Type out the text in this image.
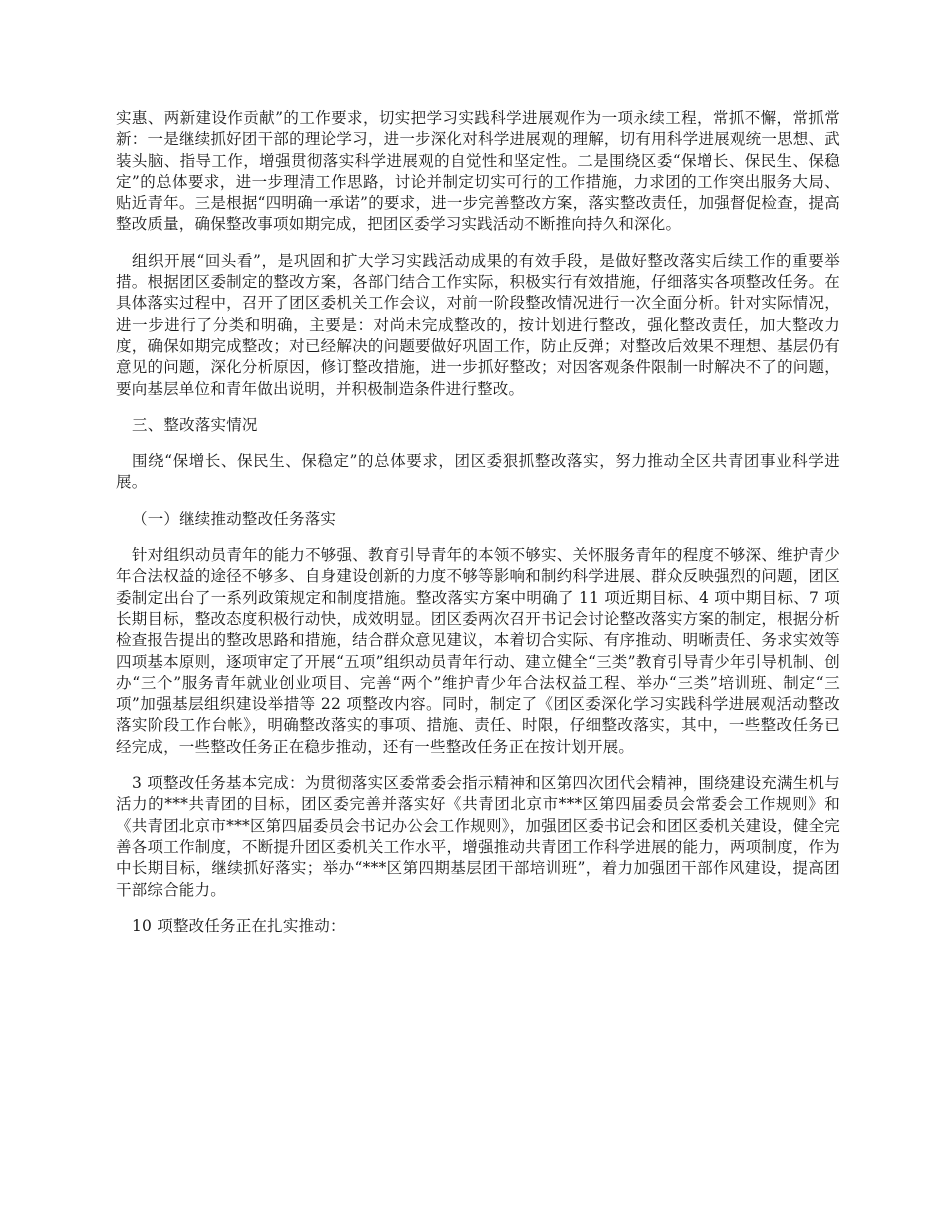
实惠、两新建设作贡献”的工作要求，切实把学习实践科学进展观作为一项永续工程，常抓不懈，常抓常新：一是继续抓好团干部的理论学习，进一步深化对科学进展观的理解，切有用科学进展观统一思想、武装头脑、指导工作，增强贯彻落实科学进展观的自觉性和坚定性。二是围绕区委“保增长、保民生、保稳定”的总体要求，进一步理清工作思路，讨论并制定切实可行的工作措施，力求团的工作突出服务大局、贴近青年。三是根据“四明确一承诺”的要求，进一步完善整改方案，落实整改责任，加强督促检查，提高整改质量，确保整改事项如期完成，把团区委学习实践活动不断推向持久和深化。

组织开展“回头看”，是巩固和扩大学习实践活动成果的有效手段，是做好整改落实后续工作的重要举措。根据团区委制定的整改方案，各部门结合工作实际，积极实行有效措施，仔细落实各项整改任务。在具体落实过程中，召开了团区委机关工作会议，对前一阶段整改情况进行一次全面分析。针对实际情况，进一步进行了分类和明确，主要是：对尚未完成整改的，按计划进行整改，强化整改责任，加大整改力度，确保如期完成整改；对已经解决的问题要做好巩固工作，防止反弹；对整改后效果不理想、基层仍有意见的问题，深化分析原因，修订整改措施，进一步抓好整改；对因客观条件限制一时解决不了的问题，要向基层单位和青年做出说明，并积极制造条件进行整改。

三、整改落实情况

围绕“保增长、保民生、保稳定”的总体要求，团区委狠抓整改落实，努力推动全区共青团事业科学进展。

（一）继续推动整改任务落实

针对组织动员青年的能力不够强、教育引导青年的本领不够实、关怀服务青年的程度不够深、维护青少年合法权益的途径不够多、自身建设创新的力度不够等影响和制约科学进展、群众反映强烈的问题，团区委制定出台了一系列政策规定和制度措施。整改落实方案中明确了 11 项近期目标、4 项中期目标、7 项长期目标，整改态度积极行动快，成效明显。团区委两次召开书记会讨论整改落实方案的制定，根据分析检查报告提出的整改思路和措施，结合群众意见建议，本着切合实际、有序推动、明晰责任、务求实效等四项基本原则，逐项审定了开展“五项”组织动员青年行动、建立健全“三类”教育引导青少年引导机制、创办“三个”服务青年就业创业项目、完善“两个”维护青少年合法权益工程、举办“三类”培训班、制定“三项”加强基层组织建设举措等 22 项整改内容。同时，制定了《团区委深化学习实践科学进展观活动整改落实阶段工作台帐》，明确整改落实的事项、措施、责任、时限，仔细整改落实，其中，一些整改任务已经完成，一些整改任务正在稳步推动，还有一些整改任务正在按计划开展。

3 项整改任务基本完成：为贯彻落实区委常委会指示精神和区第四次团代会精神，围绕建设充满生机与活力的***共青团的目标，团区委完善并落实好《共青团北京市***区第四届委员会常委会工作规则》和《共青团北京市***区第四届委员会书记办公会工作规则》，加强团区委书记会和团区委机关建设，健全完善各项工作制度，不断提升团区委机关工作水平，增强推动共青团工作科学进展的能力，两项制度，作为中长期目标，继续抓好落实；举办“***区第四期基层团干部培训班”，着力加强团干部作风建设，提高团干部综合能力。

10 项整改任务正在扎实推动：
